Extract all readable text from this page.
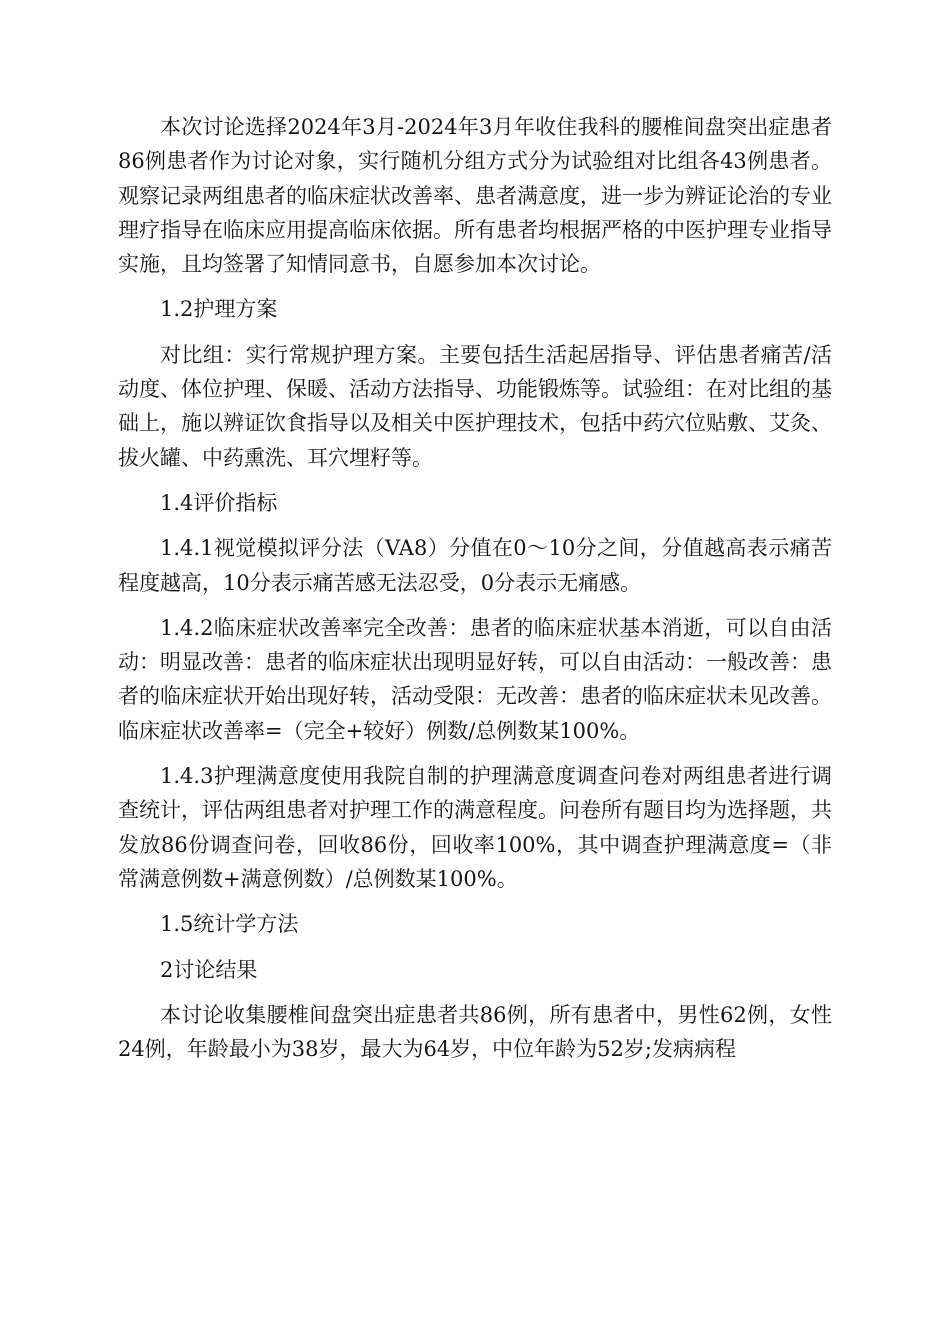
本次讨论选择2024年3月-2024年3月年收住我科的腰椎间盘突出症患者86例患者作为讨论对象，实行随机分组方式分为试验组对比组各43例患者。观察记录两组患者的临床症状改善率、患者满意度，进一步为辨证论治的专业理疗指导在临床应用提高临床依据。所有患者均根据严格的中医护理专业指导实施，且均签署了知情同意书，自愿参加本次讨论。

1.2护理方案

对比组：实行常规护理方案。主要包括生活起居指导、评估患者痛苦/活动度、体位护理、保暖、活动方法指导、功能锻炼等。试验组：在对比组的基础上，施以辨证饮食指导以及相关中医护理技术，包括中药穴位贴敷、艾灸、拔火罐、中药熏洗、耳穴埋籽等。

1.4评价指标

1.4.1视觉模拟评分法（VA8）分值在0～10分之间，分值越高表示痛苦程度越高，10分表示痛苦感无法忍受，0分表示无痛感。

1.4.2临床症状改善率完全改善：患者的临床症状基本消逝，可以自由活动：明显改善：患者的临床症状出现明显好转，可以自由活动：一般改善：患者的临床症状开始出现好转，活动受限：无改善：患者的临床症状未见改善。临床症状改善率=（完全+较好）例数/总例数某100%。

1.4.3护理满意度使用我院自制的护理满意度调查问卷对两组患者进行调查统计，评估两组患者对护理工作的满意程度。问卷所有题目均为选择题，共发放86份调查问卷，回收86份，回收率100%，其中调查护理满意度=（非常满意例数+满意例数）/总例数某100%。

1.5统计学方法

2讨论结果

本讨论收集腰椎间盘突出症患者共86例，所有患者中，男性62例，女性24例，年龄最小为38岁，最大为64岁，中位年龄为52岁;发病病程
